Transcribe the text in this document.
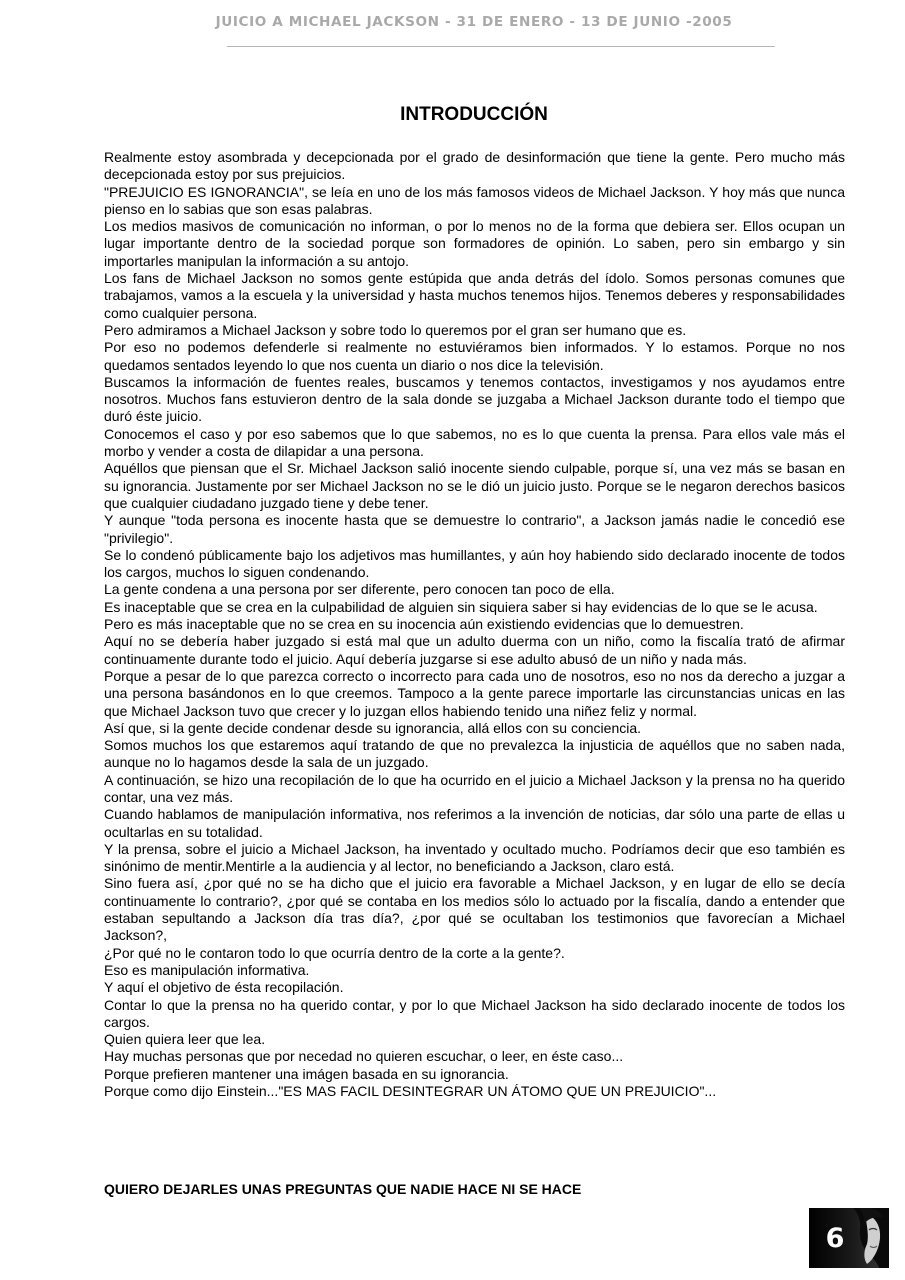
JUICIO A MICHAEL JACKSON - 31 DE ENERO - 13 DE JUNIO -2005
INTRODUCCIÓN

Realmente estoy asombrada y decepcionada por el grado de desinformación que tiene la gente. Pero mucho más decepcionada estoy por sus prejuicios.

"PREJUICIO ES IGNORANCIA", se leía en uno de los más famosos videos de Michael Jackson. Y hoy más que nunca pienso en lo sabias que son esas palabras.

Los medios masivos de comunicación no informan, o por lo menos no de la forma que debiera ser. Ellos ocupan un lugar importante dentro de la sociedad porque son formadores de opinión. Lo saben, pero sin embargo y sin importarles manipulan la información a su antojo.

Los fans de Michael Jackson no somos gente estúpida que anda detrás del ídolo. Somos personas comunes que trabajamos, vamos a la escuela y la universidad y hasta muchos tenemos hijos. Tenemos deberes y responsabilidades como cualquier persona.

Pero admiramos a Michael Jackson y sobre todo lo queremos por el gran ser humano que es.

Por eso no podemos defenderle si realmente no estuviéramos bien informados. Y lo estamos. Porque no nos quedamos sentados leyendo lo que nos cuenta un diario o nos dice la televisión.

Buscamos la información de fuentes reales, buscamos y tenemos contactos, investigamos y nos ayudamos entre nosotros. Muchos fans estuvieron dentro de la sala donde se juzgaba a Michael Jackson durante todo el tiempo que duró éste juicio.

Conocemos el caso y por eso sabemos que lo que sabemos, no es lo que cuenta la prensa. Para ellos vale más el morbo y vender a costa de dilapidar a una persona.

Aquéllos que piensan que el Sr. Michael Jackson salió inocente siendo culpable, porque sí, una vez más se basan en su ignorancia. Justamente por ser Michael Jackson no se le dió un juicio justo. Porque se le negaron derechos basicos que cualquier ciudadano juzgado tiene y debe tener.

Y aunque "toda persona es inocente hasta que se demuestre lo contrario", a Jackson jamás nadie le concedió ese "privilegio".

Se lo condenó públicamente bajo los adjetivos mas humillantes, y aún hoy habiendo sido declarado inocente de todos los cargos, muchos lo siguen condenando.

La gente condena a una persona por ser diferente, pero conocen tan poco de ella.

Es inaceptable que se crea en la culpabilidad de alguien sin siquiera saber si hay evidencias de lo que se le acusa.

Pero es más inaceptable que no se crea en su inocencia aún existiendo evidencias que lo demuestren.

Aquí no se debería haber juzgado si está mal que un adulto duerma con un niño, como la fiscalía trató de afirmar continuamente durante todo el juicio. Aquí debería juzgarse si ese adulto abusó de un niño y nada más.

Porque a pesar de lo que parezca correcto o incorrecto para cada uno de nosotros, eso no nos da derecho a juzgar a una persona basándonos en lo que creemos. Tampoco a la gente parece importarle las circunstancias unicas en las que Michael Jackson tuvo que crecer y lo juzgan ellos habiendo tenido una niñez feliz y normal.

Así que, si la gente decide condenar desde su ignorancia, allá ellos con su conciencia.

Somos muchos los que estaremos aquí tratando de que no prevalezca la injusticia de aquéllos que no saben nada, aunque no lo hagamos desde la sala de un juzgado.

A continuación, se hizo una recopilación de lo que ha ocurrido en el juicio a Michael Jackson y la prensa no ha querido contar, una vez más.

Cuando hablamos de manipulación informativa, nos referimos a la invención de noticias, dar sólo una parte de ellas u ocultarlas en su totalidad.

Y la prensa, sobre el juicio a Michael Jackson, ha inventado y ocultado mucho. Podríamos decir que eso también es sinónimo de mentir.Mentirle a la audiencia y al lector, no beneficiando a Jackson, claro está.

Sino fuera así, ¿por qué no se ha dicho que el juicio era favorable a Michael Jackson, y en lugar de ello se decía continuamente lo contrario?, ¿por qué se contaba en los medios sólo lo actuado por la fiscalía, dando a entender que estaban sepultando a Jackson día tras día?, ¿por qué se ocultaban los testimonios que favorecían a Michael Jackson?,

¿Por qué no le contaron todo lo que ocurría dentro de la corte a la gente?.

Eso es manipulación informativa.

Y aquí el objetivo de ésta recopilación.

Contar lo que la prensa no ha querido contar, y por lo que Michael Jackson ha sido declarado inocente de todos los cargos.

Quien quiera leer que lea.

Hay muchas personas que por necedad no quieren escuchar, o leer, en éste caso...

Porque prefieren mantener una imágen basada en su ignorancia.

Porque como dijo Einstein..."ES MAS FACIL DESINTEGRAR UN ÁTOMO QUE UN PREJUICIO"...

QUIERO DEJARLES UNAS PREGUNTAS QUE NADIE HACE NI SE HACE
6
